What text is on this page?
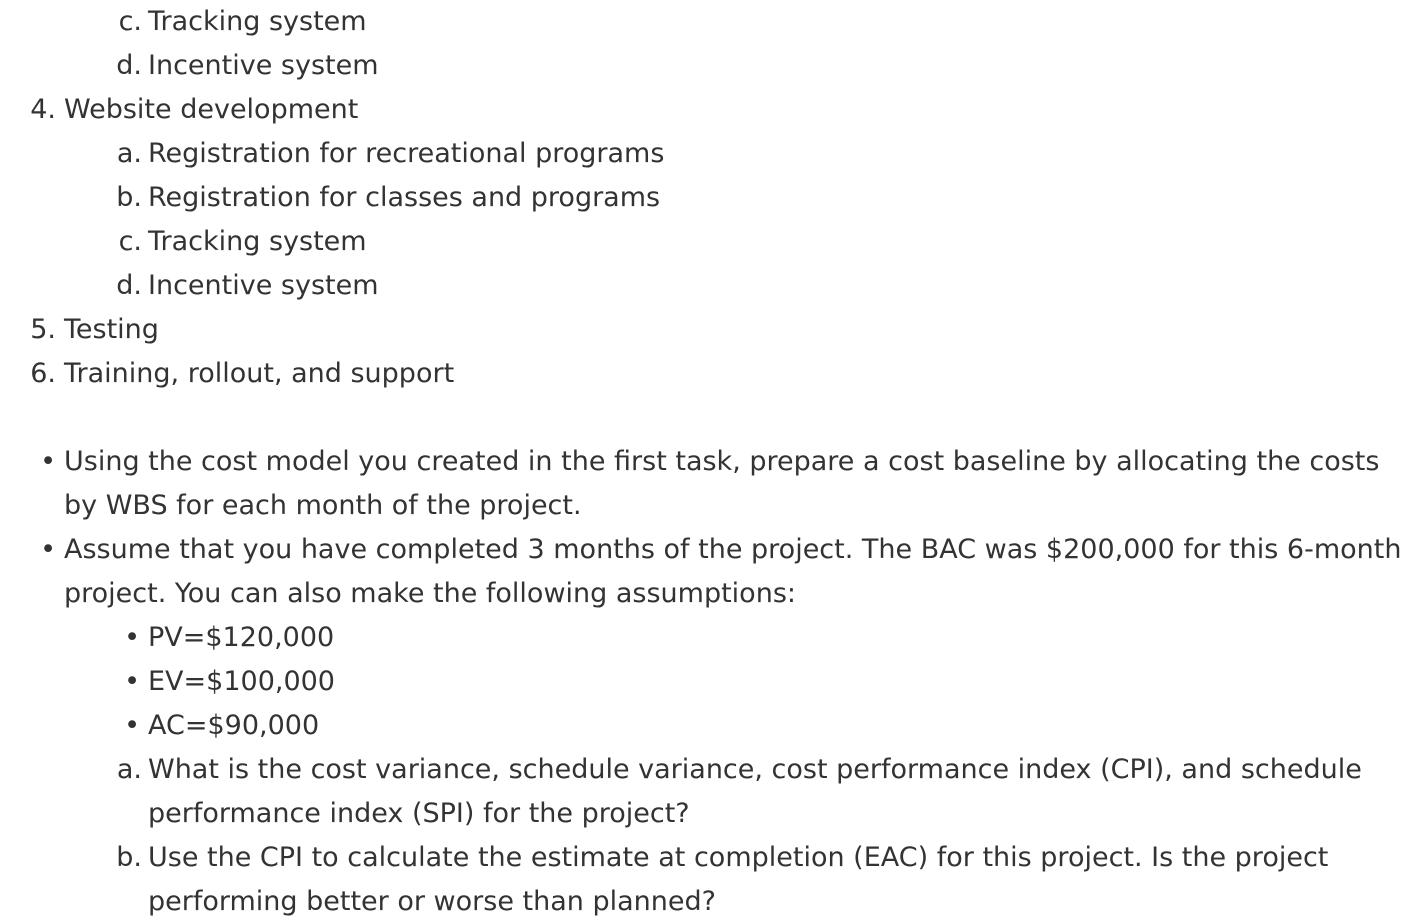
c. Tracking system
d. Incentive system
4. Website development
a. Registration for recreational programs
b. Registration for classes and programs
c. Tracking system
d. Incentive system
5. Testing
6. Training, rollout, and support
• Using the cost model you created in the first task, prepare a cost baseline by allocating the costs
by WBS for each month of the project.
• Assume that you have completed 3 months of the project. The BAC was $200,000 for this 6-month
project. You can also make the following assumptions:
• PV=$120,000
• EV=$100,000
• AC=$90,000
a. What is the cost variance, schedule variance, cost performance index (CPI), and schedule
performance index (SPI) for the project?
b. Use the CPI to calculate the estimate at completion (EAC) for this project. Is the project
performing better or worse than planned?
